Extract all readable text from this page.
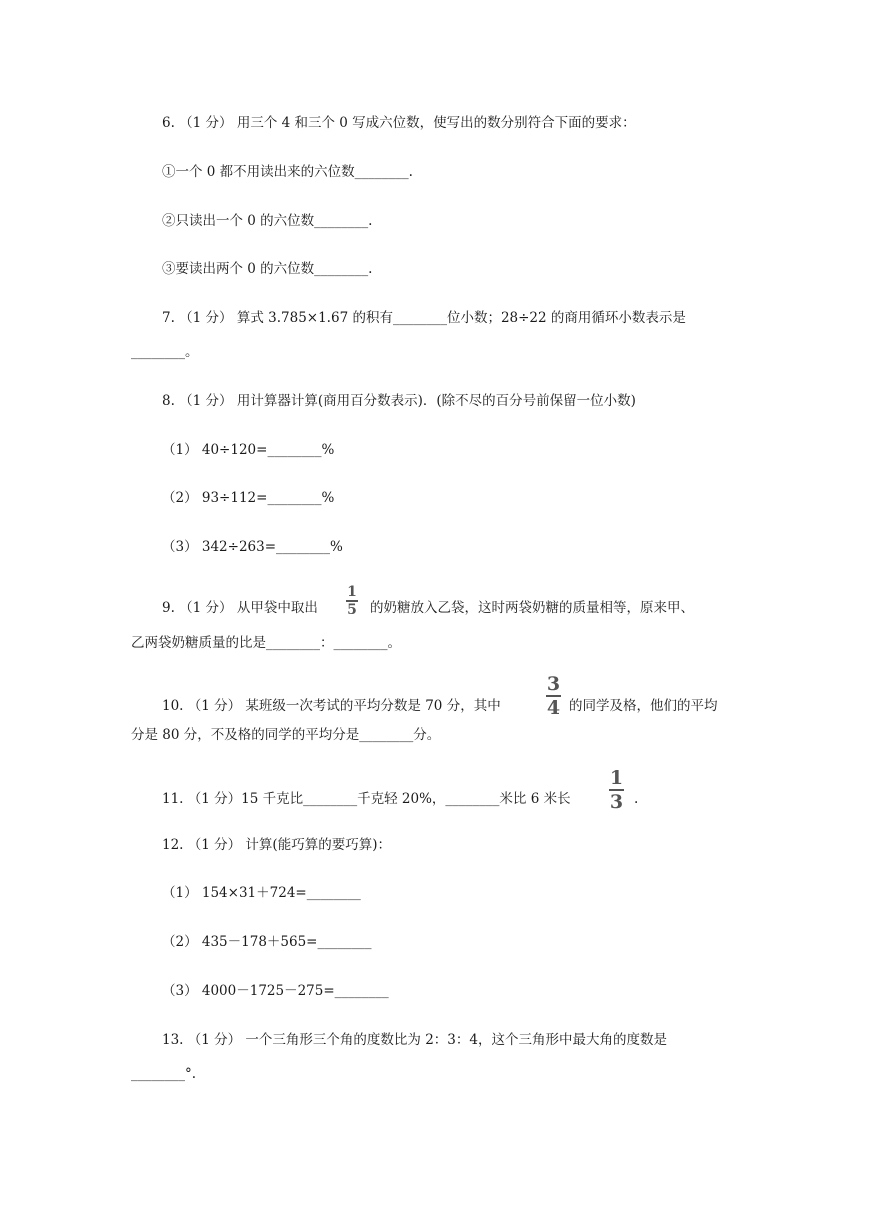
6. （1 分） 用三个 4 和三个 0 写成六位数，使写出的数分别符合下面的要求：
①一个 0 都不用读出来的六位数________.
②只读出一个 0 的六位数________.
③要读出两个 0 的六位数________.
7. （1 分） 算式 3.785×1.67 的积有________位小数；28÷22 的商用循环小数表示是
________。
8. （1 分） 用计算器计算(商用百分数表示)．(除不尽的百分号前保留一位小数)
（1） 40÷120=________%
（2） 93÷112=________%
（3） 342÷263=________%
9. （1 分） 从甲袋中取出
1
5 的奶糖放入乙袋，这时两袋奶糖的质量相等，原来甲、
乙两袋奶糖质量的比是________：________。
10. （1 分） 某班级一次考试的平均分数是 70 分，其中
3
4 的同学及格，他们的平均
分是 80 分，不及格的同学的平均分是________分。
11. （1 分）15 千克比________千克轻 20%，________米比 6 米长
1
3 .
12. （1 分） 计算(能巧算的要巧算)：
（1） 154×31＋724=________
（2） 435－178＋565=________
（3） 4000－1725－275=________
13. （1 分） 一个三角形三个角的度数比为 2：3：4，这个三角形中最大角的度数是
________°.
